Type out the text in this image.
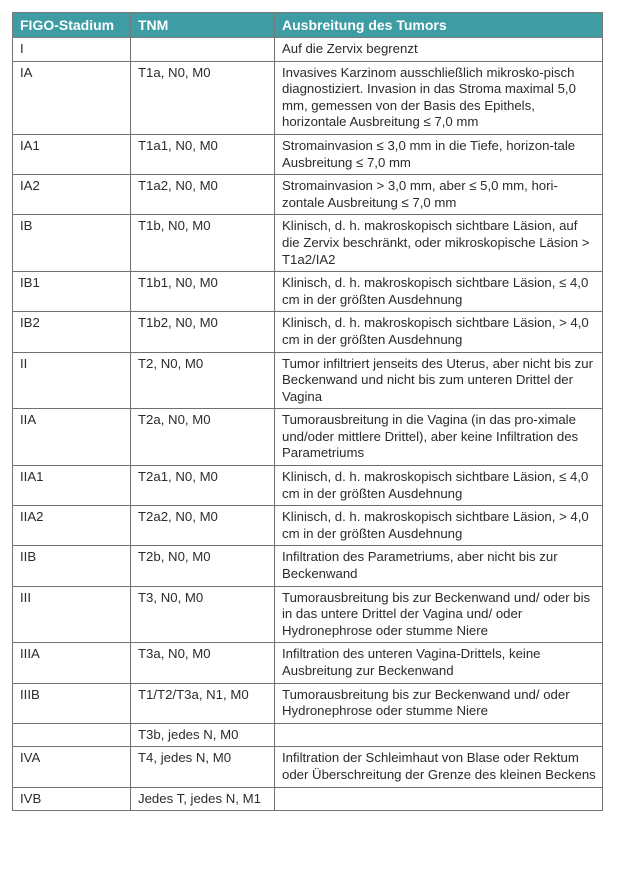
FIGO-Stadium	TNM	Ausbreitung des Tumors
I		Auf die Zervix begrenzt
IA	T1a, N0, M0	Invasives Karzinom ausschließlich mikrosko-pisch diagnostiziert. Invasion in das Stroma maximal 5,0 mm, gemessen von der Basis des Epithels, horizontale Ausbreitung ≤ 7,0 mm
IA1	T1a1, N0, M0	Stromainvasion ≤ 3,0 mm in die Tiefe, horizon-tale Ausbreitung ≤ 7,0 mm
IA2	T1a2, N0, M0	Stromainvasion > 3,0 mm, aber ≤ 5,0 mm, hori-zontale Ausbreitung ≤ 7,0 mm
IB	T1b, N0, M0	Klinisch, d. h. makroskopisch sichtbare Läsion, auf die Zervix beschränkt, oder mikroskopische Läsion > T1a2/IA2
IB1	T1b1, N0, M0	Klinisch, d. h. makroskopisch sichtbare Läsion, ≤ 4,0 cm in der größten Ausdehnung
IB2	T1b2, N0, M0	Klinisch, d. h. makroskopisch sichtbare Läsion, > 4,0 cm in der größten Ausdehnung
II	T2, N0, M0	Tumor infiltriert jenseits des Uterus, aber nicht bis zur Beckenwand und nicht bis zum unteren Drittel der Vagina
IIA	T2a, N0, M0	Tumorausbreitung in die Vagina (in das pro-ximale und/oder mittlere Drittel), aber keine Infiltration des Parametriums
IIA1	T2a1, N0, M0	Klinisch, d. h. makroskopisch sichtbare Läsion, ≤ 4,0 cm in der größten Ausdehnung
IIA2	T2a2, N0, M0	Klinisch, d. h. makroskopisch sichtbare Läsion, > 4,0 cm in der größten Ausdehnung
IIB	T2b, N0, M0	Infiltration des Parametriums, aber nicht bis zur Beckenwand
III	T3, N0, M0	Tumorausbreitung bis zur Beckenwand und/ oder bis in das untere Drittel der Vagina und/ oder Hydronephrose oder stumme Niere
IIIA	T3a, N0, M0	Infiltration des unteren Vagina-Drittels, keine Ausbreitung zur Beckenwand
IIIB	T1/T2/T3a, N1, M0	Tumorausbreitung bis zur Beckenwand und/ oder Hydronephrose oder stumme Niere
	T3b, jedes N, M0	
IVA	T4, jedes N, M0	Infiltration der Schleimhaut von Blase oder Rektum oder Überschreitung der Grenze des kleinen Beckens
IVB	Jedes T, jedes N, M1	
